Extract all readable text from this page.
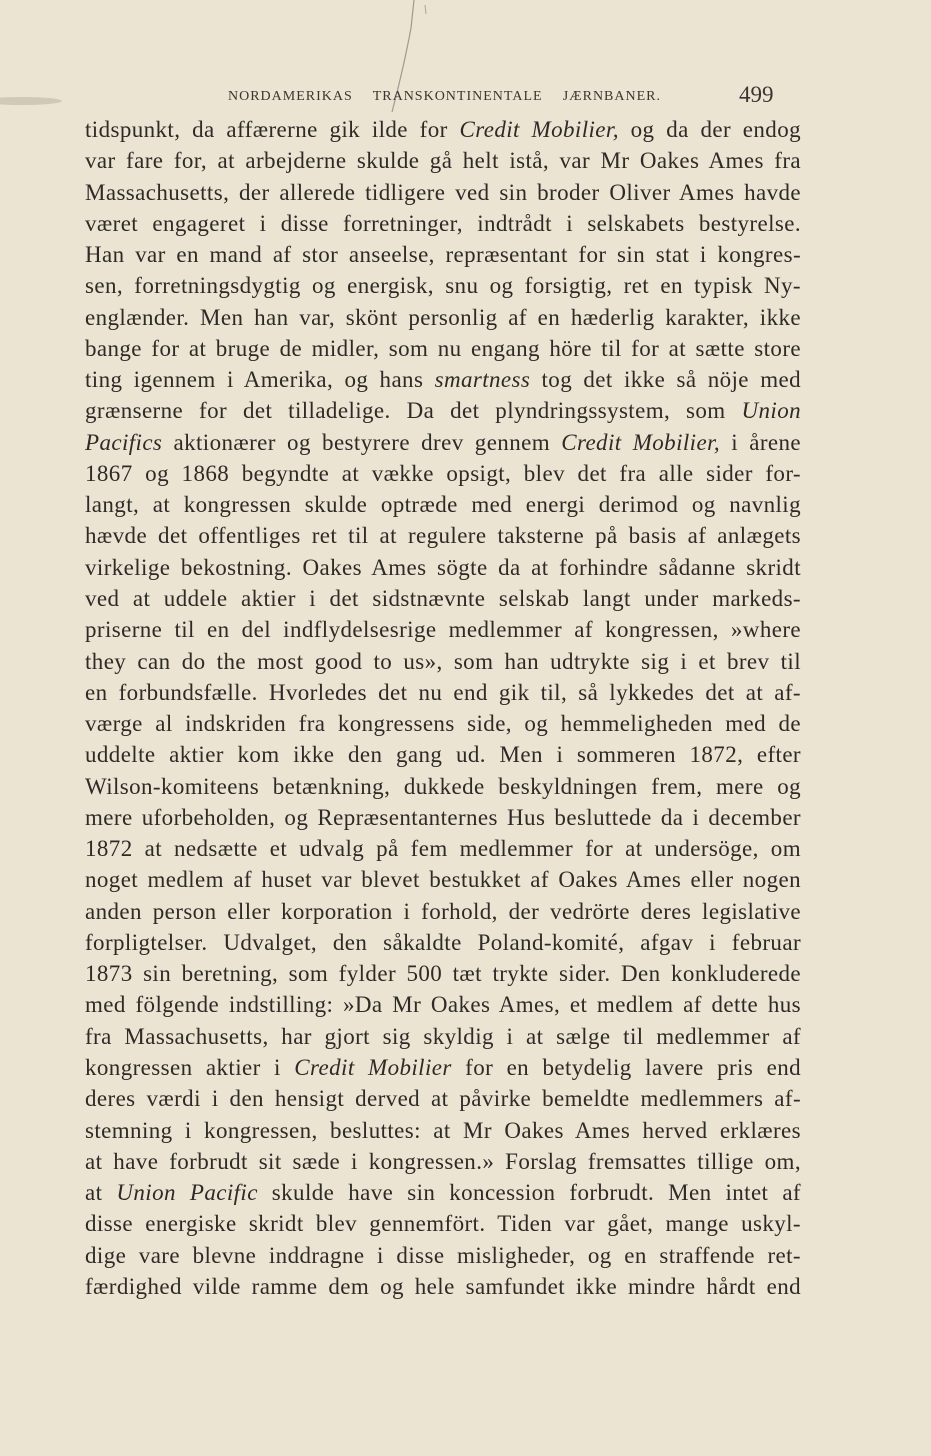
NORDAMERIKAS TRANSKONTINENTALE JÆRNBANER.	499
tidspunkt, da affærerne gik ilde for Credit Mobilier, og da der endog
var fare for, at arbejderne skulde gå helt istå, var Mr Oakes Ames fra
Massachusetts, der allerede tidligere ved sin broder Oliver Ames havde
været engageret i disse forretninger, indtrådt i selskabets bestyrelse.
Han var en mand af stor anseelse, repræsentant for sin stat i kongres-
sen, forretningsdygtig og energisk, snu og forsigtig, ret en typisk Ny-
englænder. Men han var, skönt personlig af en hæderlig karakter, ikke
bange for at bruge de midler, som nu engang höre til for at sætte store
ting igennem i Amerika, og hans smartness tog det ikke så nöje med
grænserne for det tilladelige. Da det plyndringssystem, som Union
Pacifics aktionærer og bestyrere drev gennem Credit Mobilier, i årene
1867 og 1868 begyndte at vække opsigt, blev det fra alle sider for-
langt, at kongressen skulde optræde med energi derimod og navnlig
hævde det offentliges ret til at regulere taksterne på basis af anlægets
virkelige bekostning. Oakes Ames sögte da at forhindre sådanne skridt
ved at uddele aktier i det sidstnævnte selskab langt under markeds-
priserne til en del indflydelsesrige medlemmer af kongressen, »where
they can do the most good to us», som han udtrykte sig i et brev til
en forbundsfælle. Hvorledes det nu end gik til, så lykkedes det at af-
værge al indskriden fra kongressens side, og hemmeligheden med de
uddelte aktier kom ikke den gang ud. Men i sommeren 1872, efter
Wilson-komiteens betænkning, dukkede beskyldningen frem, mere og
mere uforbeholden, og Repræsentanternes Hus besluttede da i december
1872 at nedsætte et udvalg på fem medlemmer for at undersöge, om
noget medlem af huset var blevet bestukket af Oakes Ames eller nogen
anden person eller korporation i forhold, der vedrörte deres legislative
forpligtelser. Udvalget, den såkaldte Poland-komité, afgav i februar
1873 sin beretning, som fylder 500 tæt trykte sider. Den konkluderede
med fölgende indstilling: »Da Mr Oakes Ames, et medlem af dette hus
fra Massachusetts, har gjort sig skyldig i at sælge til medlemmer af
kongressen aktier i Credit Mobilier for en betydelig lavere pris end
deres værdi i den hensigt derved at påvirke bemeldte medlemmers af-
stemning i kongressen, besluttes: at Mr Oakes Ames herved erklæres
at have forbrudt sit sæde i kongressen.» Forslag fremsattes tillige om,
at Union Pacific skulde have sin koncession forbrudt. Men intet af
disse energiske skridt blev gennemfört. Tiden var gået, mange uskyl-
dige vare blevne inddragne i disse misligheder, og en straffende ret-
færdighed vilde ramme dem og hele samfundet ikke mindre hårdt end
